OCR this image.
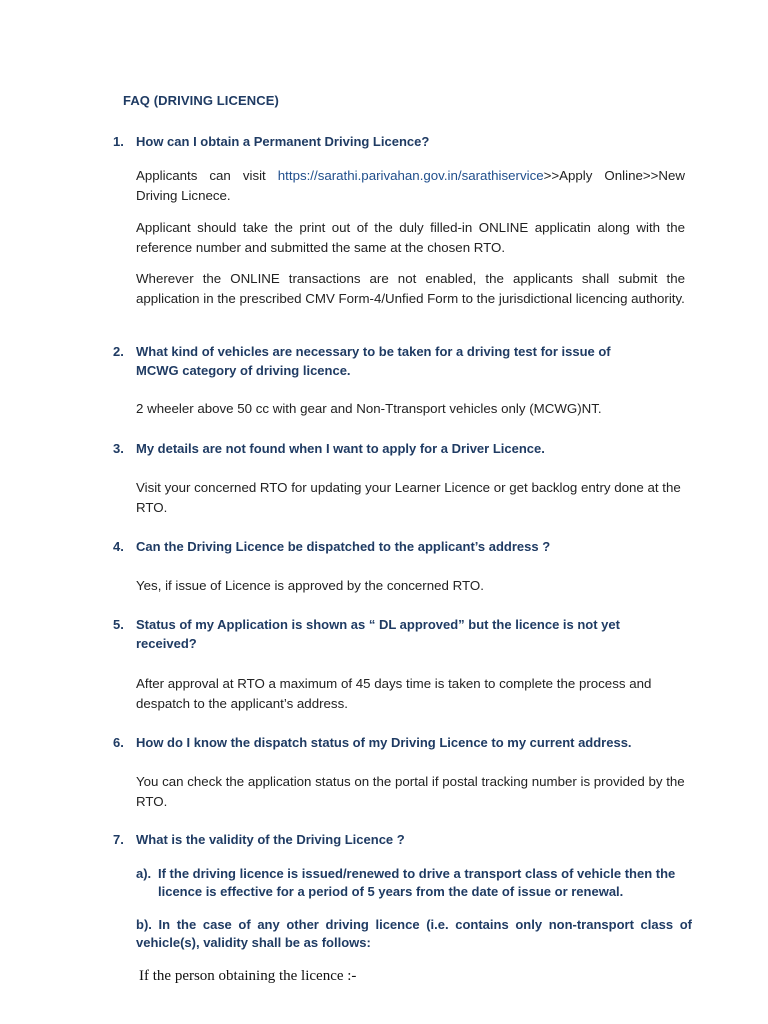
FAQ (DRIVING LICENCE)
1. How can I obtain a Permanent Driving Licence?
Applicants can visit https://sarathi.parivahan.gov.in/sarathiservice>>Apply Online>>New Driving Licnece.
Applicant should take the print out of the duly filled-in ONLINE applicatin along with the reference number and submitted the same at the chosen RTO.
Wherever the ONLINE transactions are not enabled, the applicants shall submit the application in the prescribed CMV Form-4/Unfied Form to the jurisdictional licencing authority.
2. What kind of vehicles are necessary to be taken for a driving test for issue of MCWG category of driving licence.
2 wheeler above 50 cc with gear and Non-Ttransport vehicles only (MCWG)NT.
3. My details are not found when I want to apply for a Driver Licence.
Visit your concerned RTO for updating your Learner Licence or get backlog entry done at the RTO.
4. Can the Driving Licence be dispatched to the applicant’s address ?
Yes, if issue of Licence is approved by the concerned RTO.
5. Status of my Application is shown as “ DL approved” but the licence is not yet received?
After approval at RTO a maximum of 45 days time is taken to complete the process and despatch to the applicant’s address.
6. How do I know the dispatch status of my Driving Licence to my current address.
You can check the application status on the portal if postal tracking number is provided by the RTO.
7. What is the validity of the Driving Licence ?
a). If the driving licence is issued/renewed to drive a transport class of vehicle then the licence is effective for a period of 5 years from the date of issue or renewal.
b). In the case of any other driving licence (i.e. contains only non-transport class of vehicle(s), validity shall be as follows:
If the person obtaining the licence :-
